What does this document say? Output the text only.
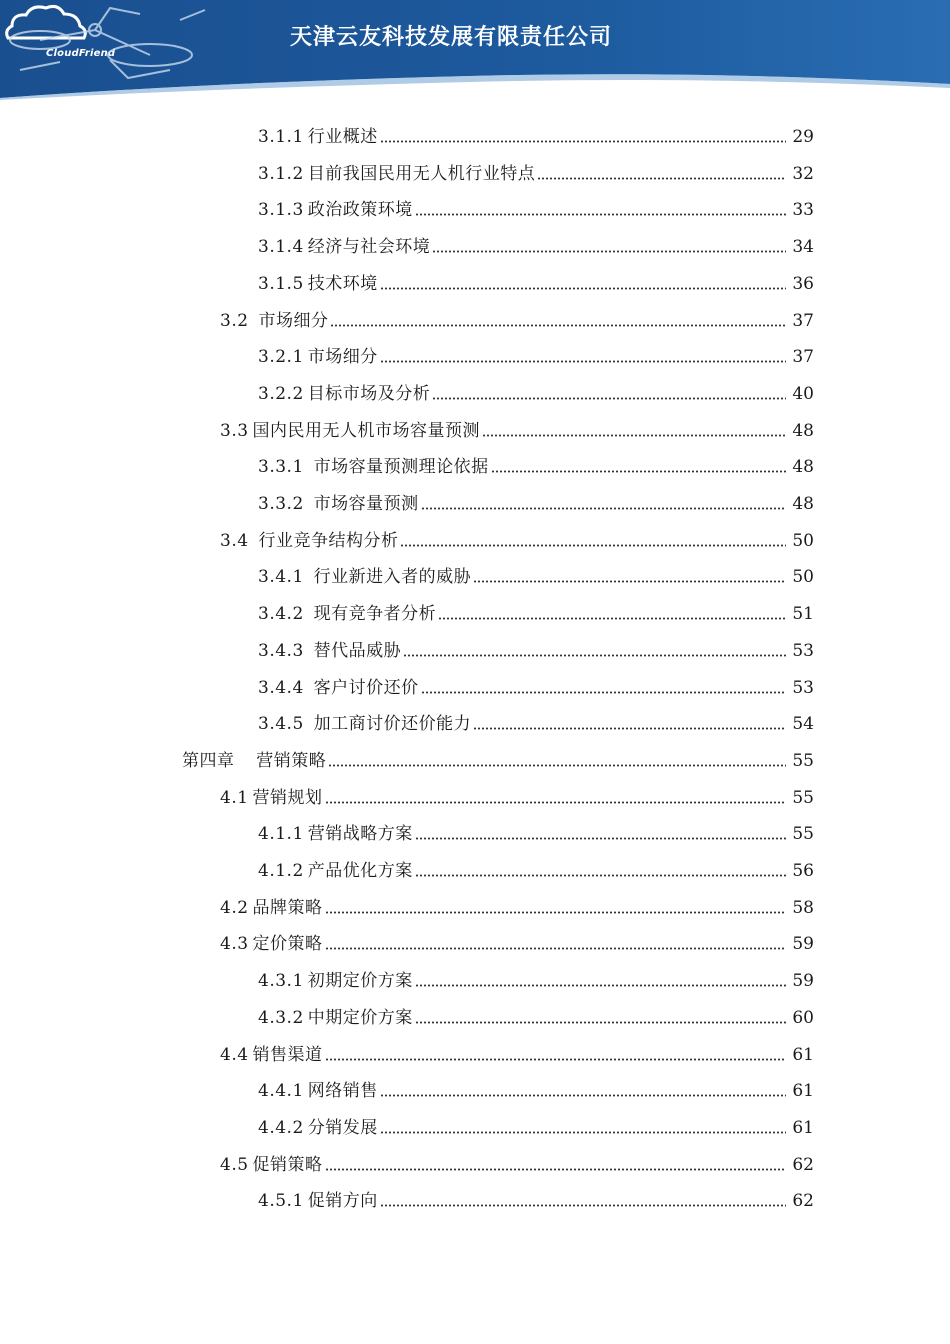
CloudFriend
天津云友科技发展有限责任公司
3.1.1 行业概述	29
3.1.2 目前我国民用无人机行业特点	32
3.1.3 政治政策环境	33
3.1.4 经济与社会环境	34
3.1.5 技术环境	36
3.2 市场细分	37
3.2.1 市场细分	37
3.2.2 目标市场及分析	40
3.3 国内民用无人机市场容量预测	48
3.3.1 市场容量预测理论依据	48
3.3.2 市场容量预测	48
3.4 行业竞争结构分析	50
3.4.1 行业新进入者的威胁	50
3.4.2 现有竞争者分析	51
3.4.3 替代品威胁	53
3.4.4 客户讨价还价	53
3.4.5 加工商讨价还价能力	54
第四章   营销策略	55
4.1 营销规划	55
4.1.1 营销战略方案	55
4.1.2 产品优化方案	56
4.2 品牌策略	58
4.3 定价策略	59
4.3.1 初期定价方案	59
4.3.2 中期定价方案	60
4.4 销售渠道	61
4.4.1 网络销售	61
4.4.2 分销发展	61
4.5 促销策略	62
4.5.1 促销方向	62
